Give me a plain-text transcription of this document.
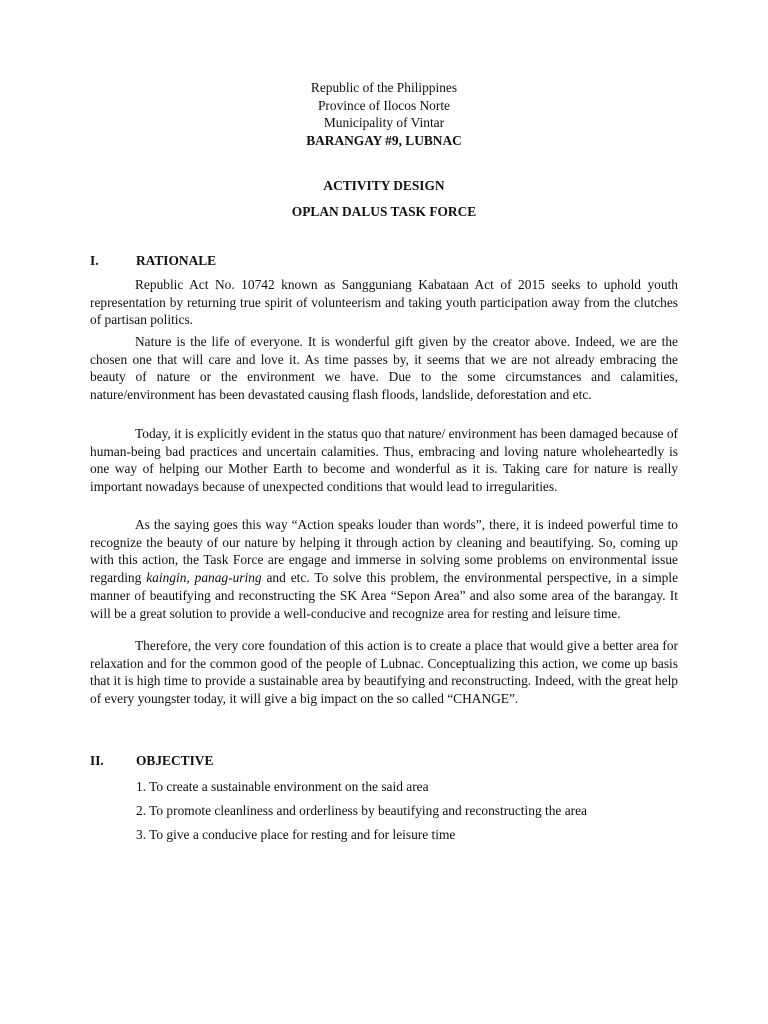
Republic of the Philippines
Province of Ilocos Norte
Municipality of Vintar
BARANGAY #9, LUBNAC
ACTIVITY DESIGN
OPLAN DALUS TASK FORCE
I.	RATIONALE

Republic Act No. 10742 known as Sangguniang Kabataan Act of 2015 seeks to uphold youth representation by returning true spirit of volunteerism and taking youth participation away from the clutches of partisan politics.

Nature is the life of everyone. It is wonderful gift given by the creator above. Indeed, we are the chosen one that will care and love it. As time passes by, it seems that we are not already embracing the beauty of nature or the environment we have. Due to the some circumstances and calamities, nature/environment has been devastated causing flash floods, landslide, deforestation and etc.

Today, it is explicitly evident in the status quo that nature/ environment has been damaged because of human-being bad practices and uncertain calamities. Thus, embracing and loving nature wholeheartedly is one way of helping our Mother Earth to become and wonderful as it is. Taking care for nature is really important nowadays because of unexpected conditions that would lead to irregularities.

As the saying goes this way “Action speaks louder than words”, there, it is indeed powerful time to recognize the beauty of our nature by helping it through action by cleaning and beautifying. So, coming up with this action, the Task Force are engage and immerse in solving some problems on environmental issue regarding kaingin, panag-uring and etc. To solve this problem, the environmental perspective, in a simple manner of beautifying and reconstructing the SK Area “Sepon Area” and also some area of the barangay. It will be a great solution to provide a well-conducive and recognize area for resting and leisure time.

Therefore, the very core foundation of this action is to create a place that would give a better area for relaxation and for the common good of the people of Lubnac. Conceptualizing this action, we come up basis that it is high time to provide a sustainable area by beautifying and reconstructing. Indeed, with the great help of every youngster today, it will give a big impact on the so called “CHANGE”.

II. OBJECTIVE
1. To create a sustainable environment on the said area
2. To promote cleanliness and orderliness by beautifying and reconstructing the area
3. To give a conducive place for resting and for leisure time
